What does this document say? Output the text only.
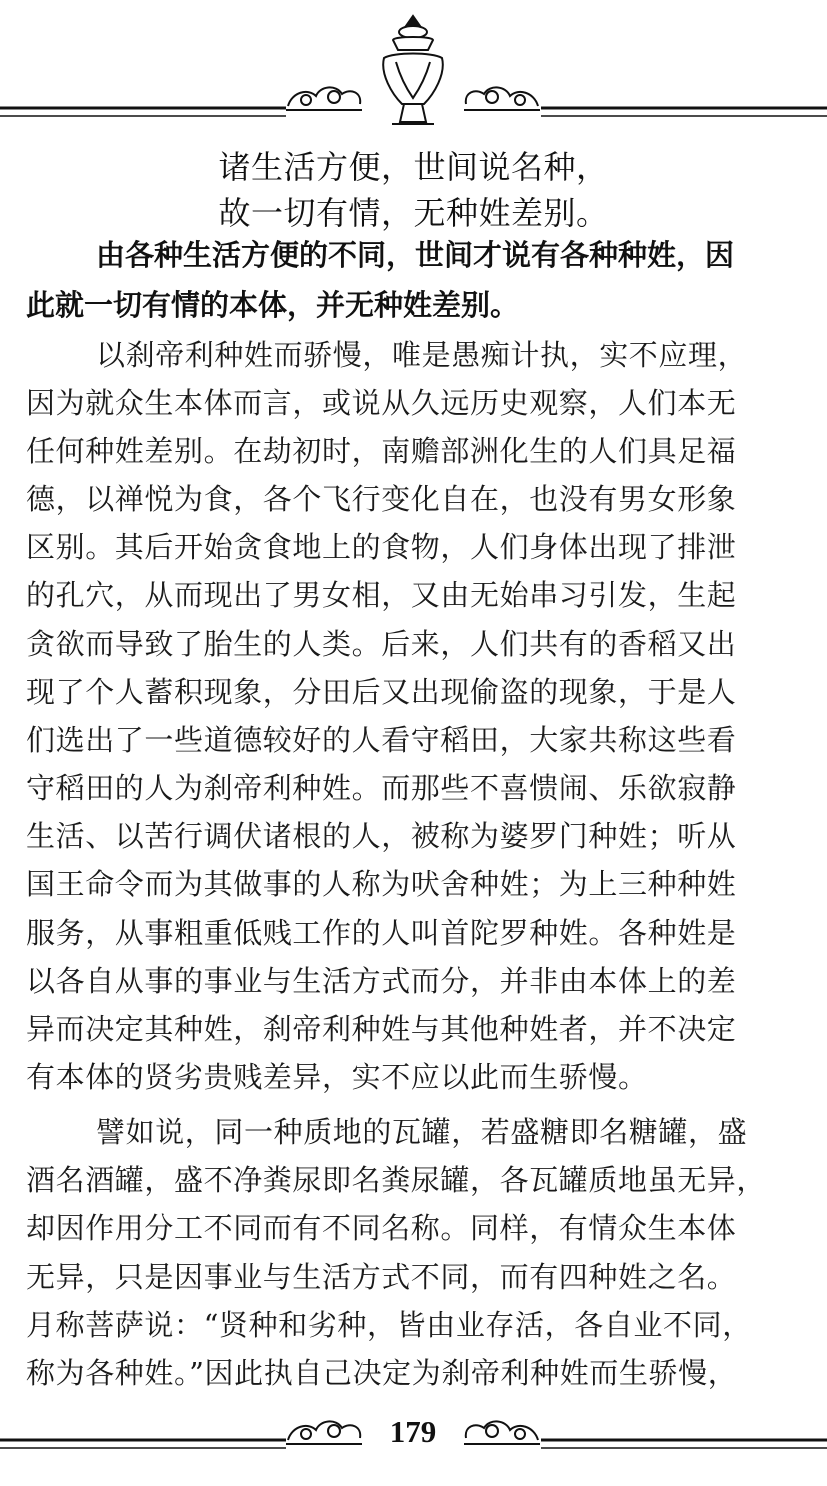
诸生活方便，世间说名种，
故一切有情，无种姓差别。
由各种生活方便的不同，世间才说有各种种姓，因
此就一切有情的本体，并无种姓差别。
以刹帝利种姓而骄慢，唯是愚痴计执，实不应理，
因为就众生本体而言，或说从久远历史观察，人们本无
任何种姓差别。在劫初时，南赡部洲化生的人们具足福
德，以禅悦为食，各个飞行变化自在，也没有男女形象
区别。其后开始贪食地上的食物，人们身体出现了排泄
的孔穴，从而现出了男女相，又由无始串习引发，生起
贪欲而导致了胎生的人类。后来，人们共有的香稻又出
现了个人蓄积现象，分田后又出现偷盗的现象，于是人
们选出了一些道德较好的人看守稻田，大家共称这些看
守稻田的人为刹帝利种姓。而那些不喜愦闹、乐欲寂静
生活、以苦行调伏诸根的人，被称为婆罗门种姓；听从
国王命令而为其做事的人称为吠舍种姓；为上三种种姓
服务，从事粗重低贱工作的人叫首陀罗种姓。各种姓是
以各自从事的事业与生活方式而分，并非由本体上的差
异而决定其种姓，刹帝利种姓与其他种姓者，并不决定
有本体的贤劣贵贱差异，实不应以此而生骄慢。
譬如说，同一种质地的瓦罐，若盛糖即名糖罐，盛
酒名酒罐，盛不净粪尿即名粪尿罐，各瓦罐质地虽无异，
却因作用分工不同而有不同名称。同样，有情众生本体
无异，只是因事业与生活方式不同，而有四种姓之名。
月称菩萨说：“贤种和劣种，皆由业存活，各自业不同，
称为各种姓。”因此执自己决定为刹帝利种姓而生骄慢，
179
